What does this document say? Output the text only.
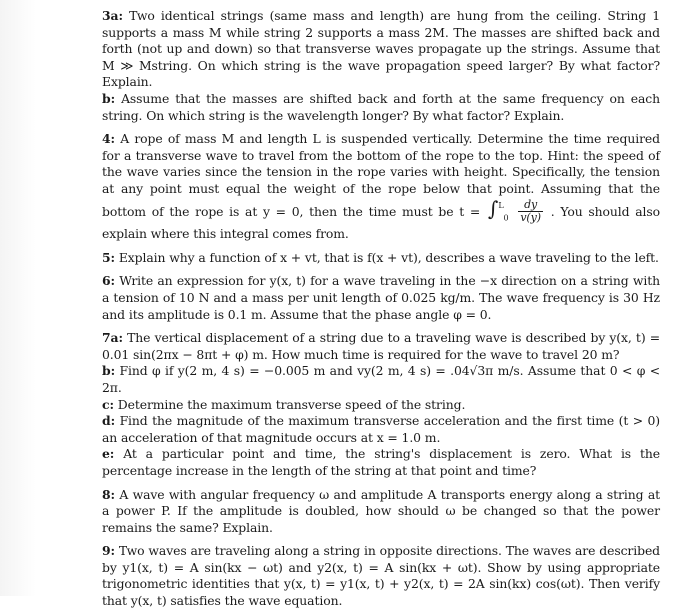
3a: Two identical strings (same mass and length) are hung from the ceiling. String 1 supports a mass M while string 2 supports a mass 2M. The masses are shifted back and forth (not up and down) so that transverse waves propagate up the strings. Assume that M ≫ Mstring. On which string is the wave propagation speed larger? By what factor? Explain.

b: Assume that the masses are shifted back and forth at the same frequency on each string. On which string is the wavelength longer? By what factor? Explain.

4: A rope of mass M and length L is suspended vertically. Determine the time required for a transverse wave to travel from the bottom of the rope to the top. Hint: the speed of the wave varies since the tension in the rope varies with height. Specifically, the tension at any point must equal the weight of the rope below that point. Assuming that the bottom of the rope is at y = 0, then the time must be $t = \int^L_0 \frac{dy}{v(y)}$ . You should also explain where this integral comes from.

5: Explain why a function of x + vt, that is f(x + vt), describes a wave traveling to the left.

6: Write an expression for y(x, t) for a wave traveling in the −x direction on a string with a tension of 10 N and a mass per unit length of 0.025 kg/m. The wave frequency is 30 Hz and its amplitude is 0.1 m. Assume that the phase angle φ = 0.

7a: The vertical displacement of a string due to a traveling wave is described by y(x, t) = 0.01 sin(2πx − 8πt + φ) m. How much time is required for the wave to travel 20 m?

b: Find φ if y(2 m, 4 s) = −0.005 m and vy(2 m, 4 s) = .04√3π m/s. Assume that 0 < φ < 2π.

c: Determine the maximum transverse speed of the string.

d: Find the magnitude of the maximum transverse acceleration and the first time (t > 0) an acceleration of that magnitude occurs at x = 1.0 m.

e: At a particular point and time, the string's displacement is zero. What is the percentage increase in the length of the string at that point and time?

8: A wave with angular frequency ω and amplitude A transports energy along a string at a power P. If the amplitude is doubled, how should ω be changed so that the power remains the same? Explain.

9: Two waves are traveling along a string in opposite directions. The waves are described by y1(x, t) = A sin(kx − ωt) and y2(x, t) = A sin(kx + ωt). Show by using appropriate trigonometric identities that y(x, t) = y1(x, t) + y2(x, t) = 2A sin(kx) cos(ωt). Then verify that y(x, t) satisfies the wave equation.
